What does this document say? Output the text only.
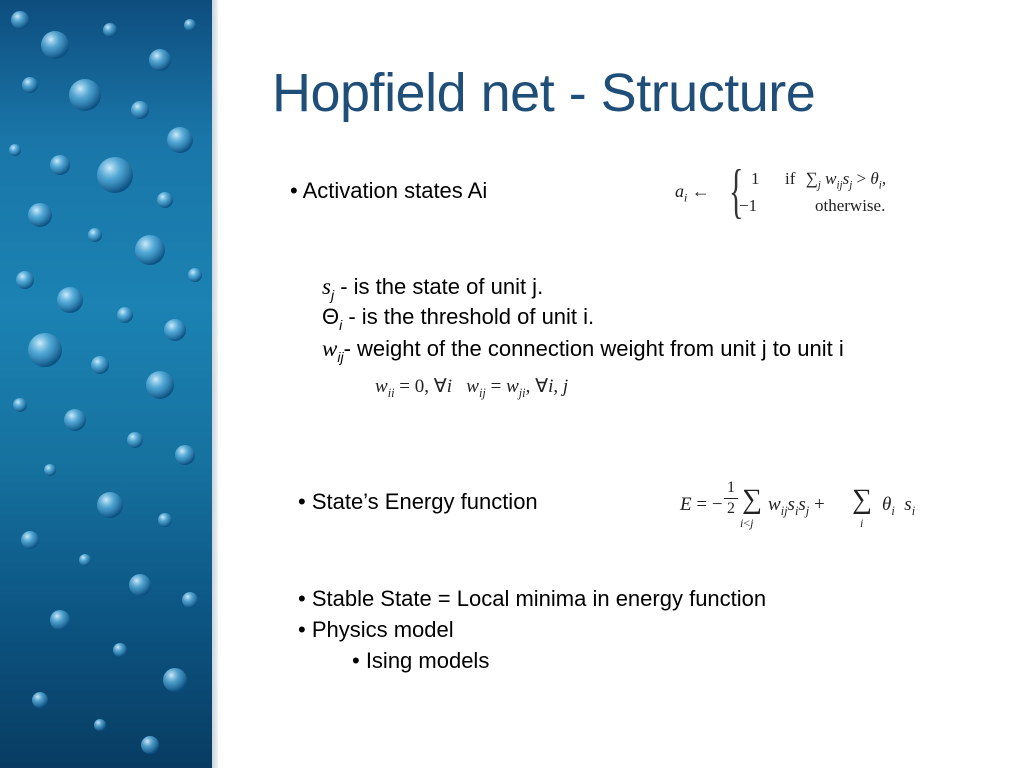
Hopfield net - Structure
• Activation states Ai	$a_i$ ← { 1 if $\sum_j$ $w_{ij}s_j > \theta_i$,
−1	otherwise.
$s_j$ - is the state of unit j.
$\Theta_i$ - is the threshold of unit i.
$w_{ij}-$ weight of the connection weight from unit j to unit i
$w_{ii} = 0$, ∀i $w_{ij} = w_{ji}$, ∀i, j
• State’s Energy function	E = −
1

2 ∑
i<j
$w_{ij}s_is_j$ + ∑
i
$\theta_i$ $s_i$
• Stable State = Local minima in energy function
• Physics model
• Ising models
